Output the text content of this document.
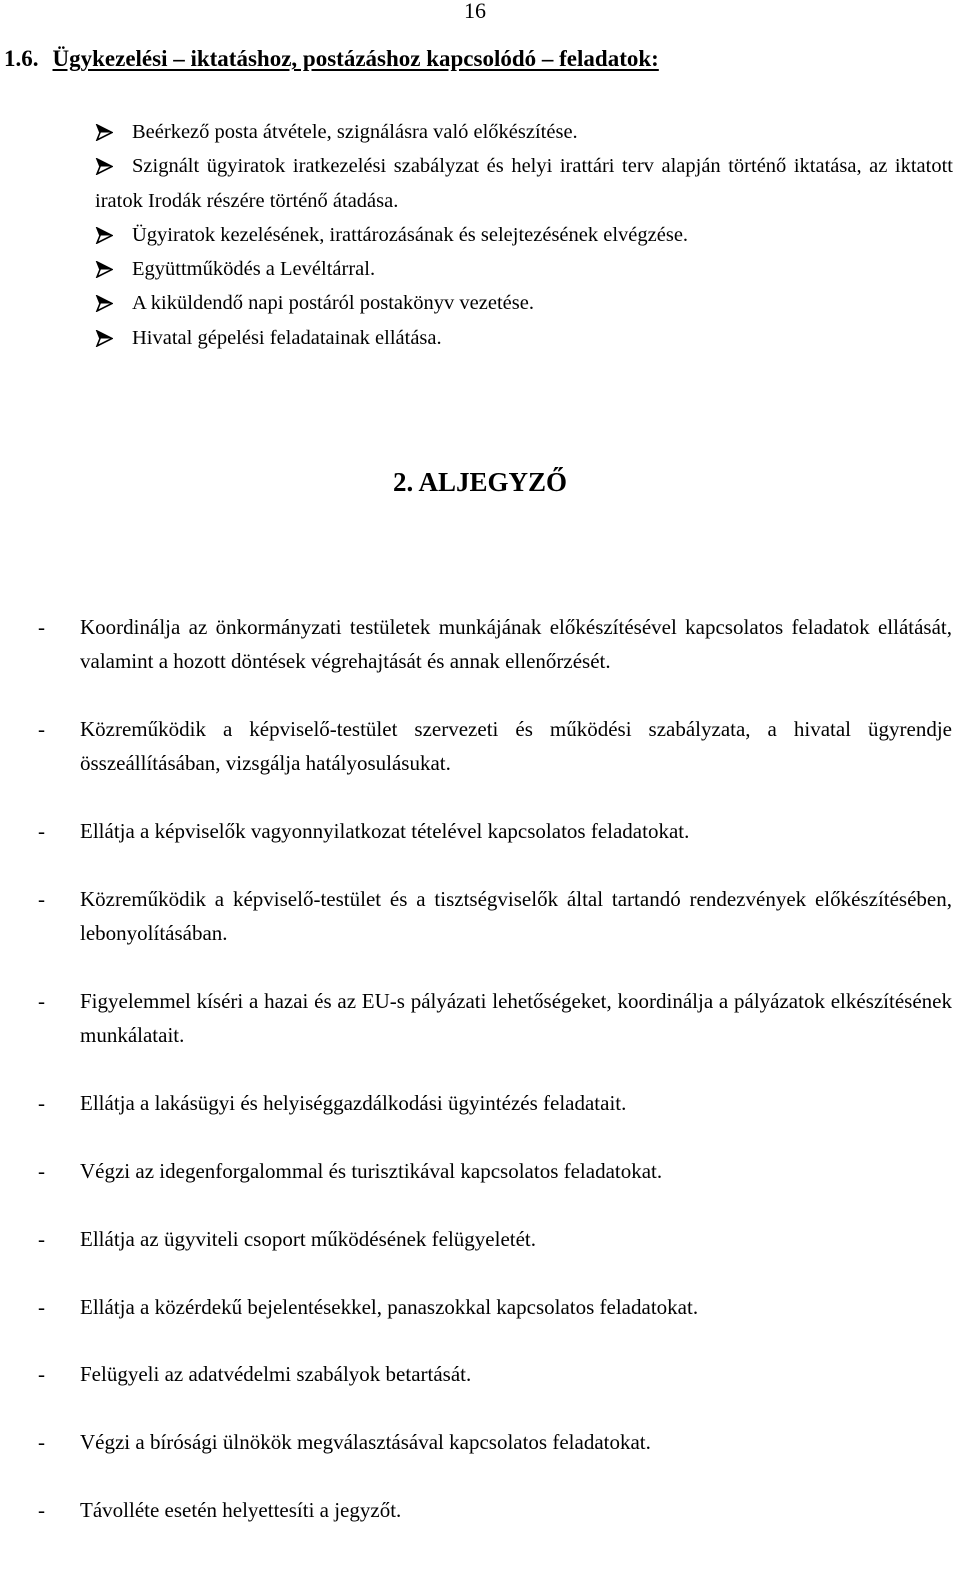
16
1.6. Ügykezelési – iktatáshoz, postázáshoz kapcsolódó – feladatok:
Beérkező posta átvétele, szignálásra való előkészítése.
Szignált ügyiratok iratkezelési szabályzat és helyi irattári terv alapján történő iktatása, az iktatott iratok Irodák részére történő átadása.
Ügyiratok kezelésének, irattározásának és selejtezésének elvégzése.
Együttműködés a Levéltárral.
A kiküldendő napi postáról postakönyv vezetése.
Hivatal gépelési feladatainak ellátása.
2. ALJEGYZŐ
- Koordinálja az önkormányzati testületek munkájának előkészítésével kapcsolatos feladatok ellátását, valamint a hozott döntések végrehajtását és annak ellenőrzését.
- Közreműködik a képviselő-testület szervezeti és működési szabályzata, a hivatal ügyrendje összeállításában, vizsgálja hatályosulásukat.
- Ellátja a képviselők vagyonnyilatkozat tételével kapcsolatos feladatokat.
- Közreműködik a képviselő-testület és a tisztségviselők által tartandó rendezvények előkészítésében, lebonyolításában.
- Figyelemmel kíséri a hazai és az EU-s pályázati lehetőségeket, koordinálja a pályázatok elkészítésének munkálatait.
- Ellátja a lakásügyi és helyiséggazdálkodási ügyintézés feladatait.
- Végzi az idegenforgalommal és turisztikával kapcsolatos feladatokat.
- Ellátja az ügyviteli csoport működésének felügyeletét.
- Ellátja a közérdekű bejelentésekkel, panaszokkal kapcsolatos feladatokat.
- Felügyeli az adatvédelmi szabályok betartását.
- Végzi a bírósági ülnökök megválasztásával kapcsolatos feladatokat.
- Távolléte esetén helyettesíti a jegyzőt.
